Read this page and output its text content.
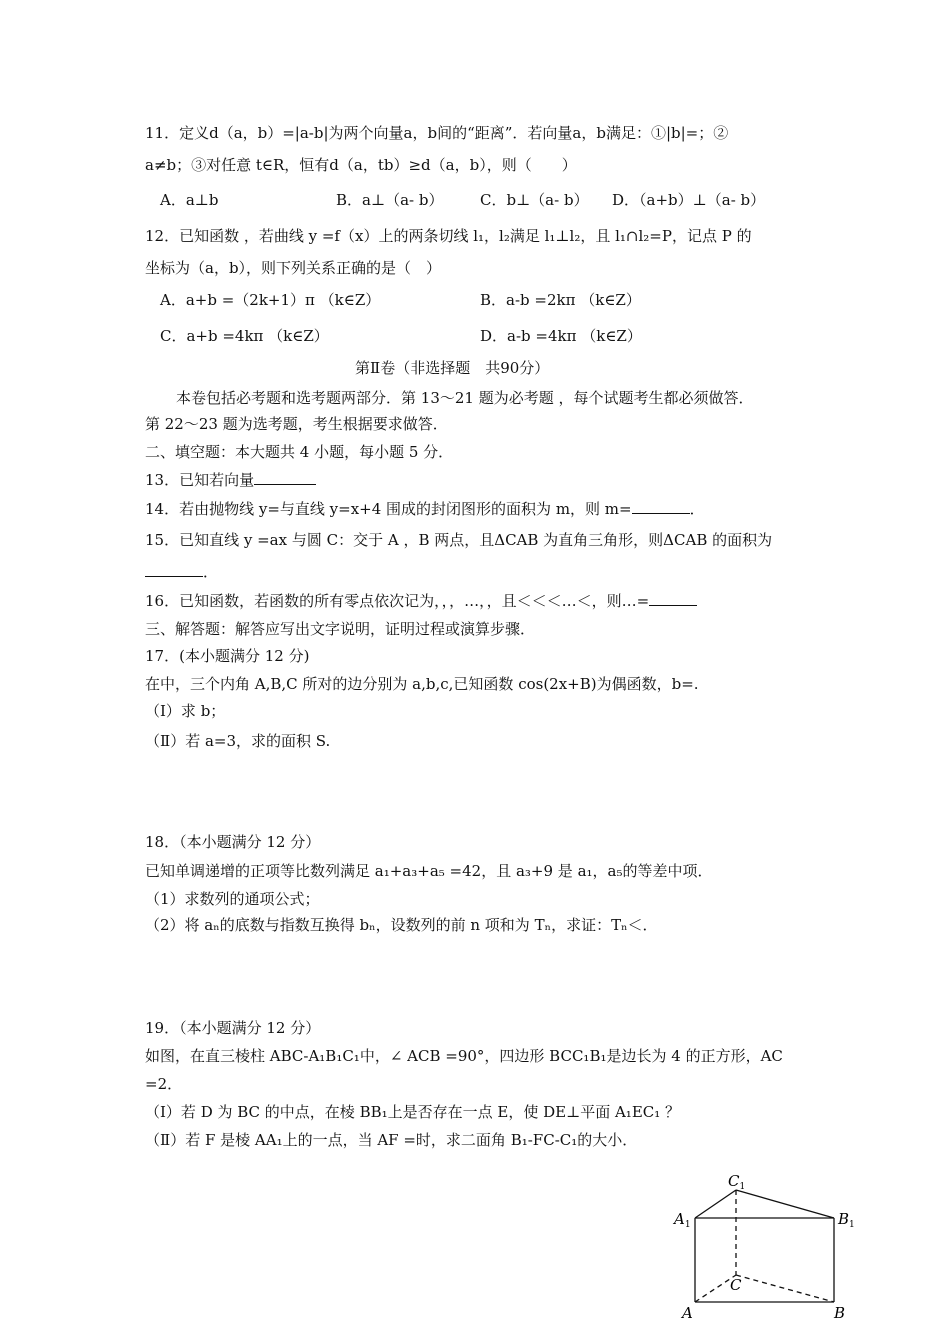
11．定义d（a，b）=|a-b|为两个向量a，b间的“距离”．若向量a，b满足：①|b|=；②
a≠b；③对任意 t∈R，恒有d（a，tb）≥d（a，b），则（　　）
A．a⊥b	B．a⊥（a- b） C．b⊥（a- b） D．（a+b）⊥（a- b）
12．已知函数 ，若曲线 y =f（x）上的两条切线 l₁，l₂满足 l₁⊥l₂，且 l₁∩l₂=P，记点 P 的
坐标为（a，b），则下列关系正确的是（　）
A．a+b =（2k+1）π （k∈Z）	B．a-b =2kπ （k∈Z）
C．a+b =4kπ （k∈Z）	D．a-b =4kπ （k∈Z）
第Ⅱ卷（非选择题　共90分）
本卷包括必考题和选考题两部分．第 13～21 题为必考题 ，每个试题考生都必须做答．
第 22～23 题为选考题，考生根据要求做答．
二、填空题：本大题共 4 小题，每小题 5 分．
13．已知若向量
14．若由抛物线 y=与直线 y=x+4 围成的封闭图形的面积为 m，则 m=	．
15．已知直线 y =ax 与圆 C：交于 A ，B 两点，且ΔCAB 为直角三角形，则ΔCAB 的面积为
．
16．已知函数，若函数的所有零点依次记为，，，…，，且＜＜＜…＜，则…=
三、解答题：解答应写出文字说明，证明过程或演算步骤．
17．(本小题满分 12 分)
在中，三个内角 A,B,C 所对的边分别为 a,b,c,已知函数 cos(2x+B)为偶函数，b=.
（I）求 b；
（Ⅱ）若 a=3，求的面积 S.
18．（本小题满分 12 分）
已知单调递增的正项等比数列满足 a₁+a₃+a₅ =42，且 a₃+9 是 a₁，a₅的等差中项．
（1）求数列的通项公式；
（2）将 aₙ的底数与指数互换得 bₙ，设数列的前 n 项和为 Tₙ，求证：Tₙ＜．
19．（本小题满分 12 分）
如图，在直三棱柱 ABC-A₁B₁C₁中，∠ ACB =90°，四边形 BCC₁B₁是边长为 4 的正方形，AC
=2．
（I）若 D 为 BC 的中点，在棱 BB₁上是否存在一点 E，使 DE⊥平面 A₁EC₁ ？
（Ⅱ）若 F 是棱 AA₁上的一点，当 AF =时，求二面角 B₁-FC-C₁的大小．
$C_1$
$A_1$	$B_1$
C
A	B
